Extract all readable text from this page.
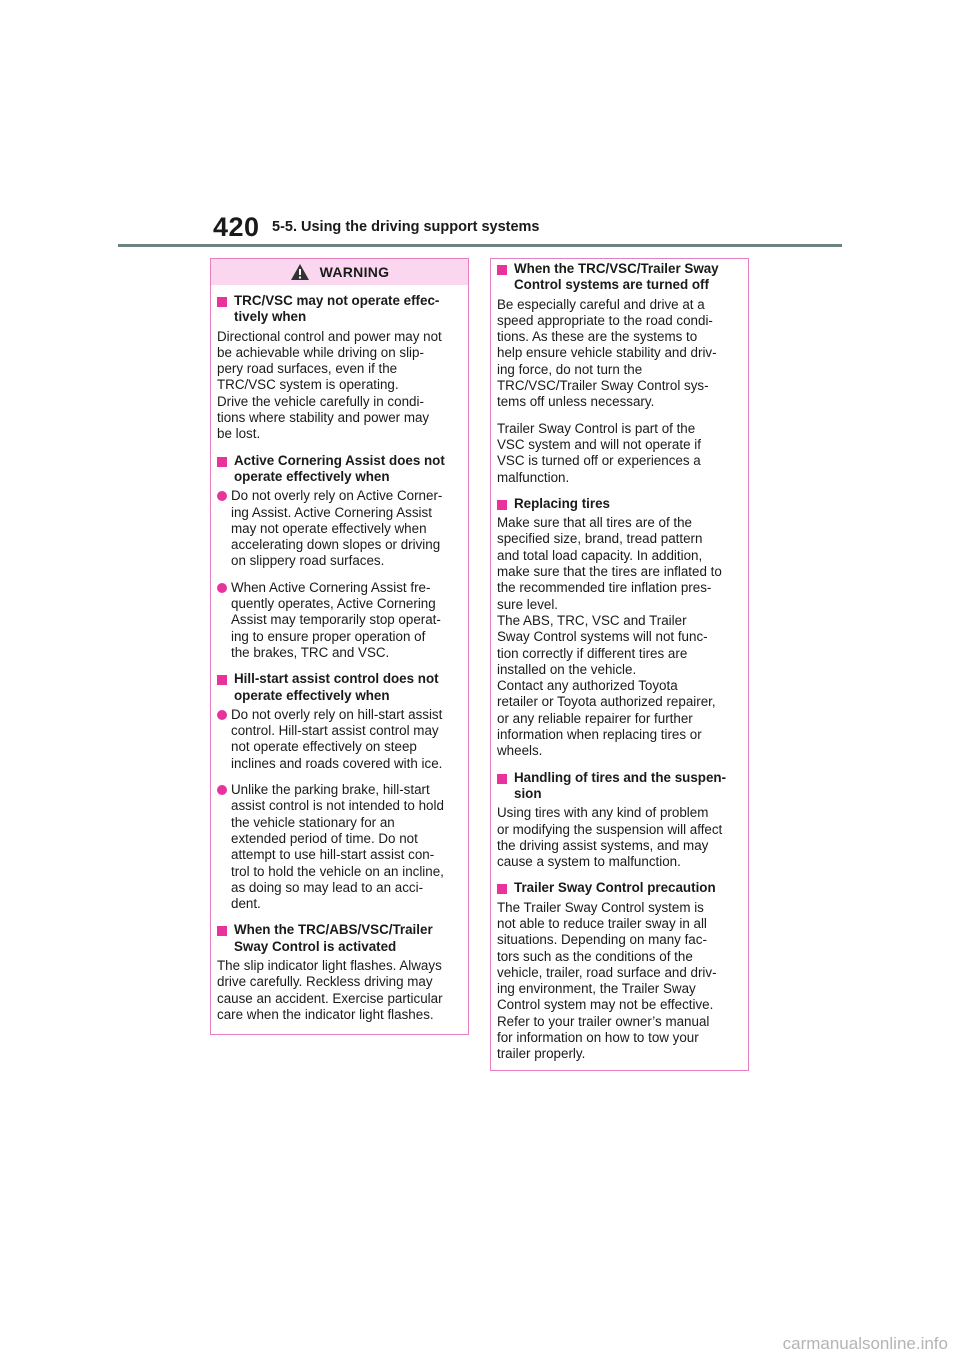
420 5-5. Using the driving support systems
WARNING
TRC/VSC may not operate effec-
tively when
Directional control and power may not
be achievable while driving on slip-
pery road surfaces, even if the
TRC/VSC system is operating.
Drive the vehicle carefully in condi-
tions where stability and power may
be lost.
Active Cornering Assist does not
operate effectively when
Do not overly rely on Active Corner-
ing Assist. Active Cornering Assist
may not operate effectively when
accelerating down slopes or driving
on slippery road surfaces.
When Active Cornering Assist fre-
quently operates, Active Cornering
Assist may temporarily stop operat-
ing to ensure proper operation of
the brakes, TRC and VSC.
Hill-start assist control does not
operate effectively when
Do not overly rely on hill-start assist
control. Hill-start assist control may
not operate effectively on steep
inclines and roads covered with ice.
Unlike the parking brake, hill-start
assist control is not intended to hold
the vehicle stationary for an
extended period of time. Do not
attempt to use hill-start assist con-
trol to hold the vehicle on an incline,
as doing so may lead to an acci-
dent.
When the TRC/ABS/VSC/Trailer
Sway Control is activated
The slip indicator light flashes. Always
drive carefully. Reckless driving may
cause an accident. Exercise particular
care when the indicator light flashes.
When the TRC/VSC/Trailer Sway
Control systems are turned off
Be especially careful and drive at a
speed appropriate to the road condi-
tions. As these are the systems to
help ensure vehicle stability and driv-
ing force, do not turn the
TRC/VSC/Trailer Sway Control sys-
tems off unless necessary.
Trailer Sway Control is part of the
VSC system and will not operate if
VSC is turned off or experiences a
malfunction.
Replacing tires
Make sure that all tires are of the
specified size, brand, tread pattern
and total load capacity. In addition,
make sure that the tires are inflated to
the recommended tire inflation pres-
sure level.
The ABS, TRC, VSC and Trailer
Sway Control systems will not func-
tion correctly if different tires are
installed on the vehicle.
Contact any authorized Toyota
retailer or Toyota authorized repairer,
or any reliable repairer for further
information when replacing tires or
wheels.
Handling of tires and the suspen-
sion
Using tires with any kind of problem
or modifying the suspension will affect
the driving assist systems, and may
cause a system to malfunction.
Trailer Sway Control precaution
The Trailer Sway Control system is
not able to reduce trailer sway in all
situations. Depending on many fac-
tors such as the conditions of the
vehicle, trailer, road surface and driv-
ing environment, the Trailer Sway
Control system may not be effective.
Refer to your trailer owner’s manual
for information on how to tow your
trailer properly.
carmanualsonline.info
